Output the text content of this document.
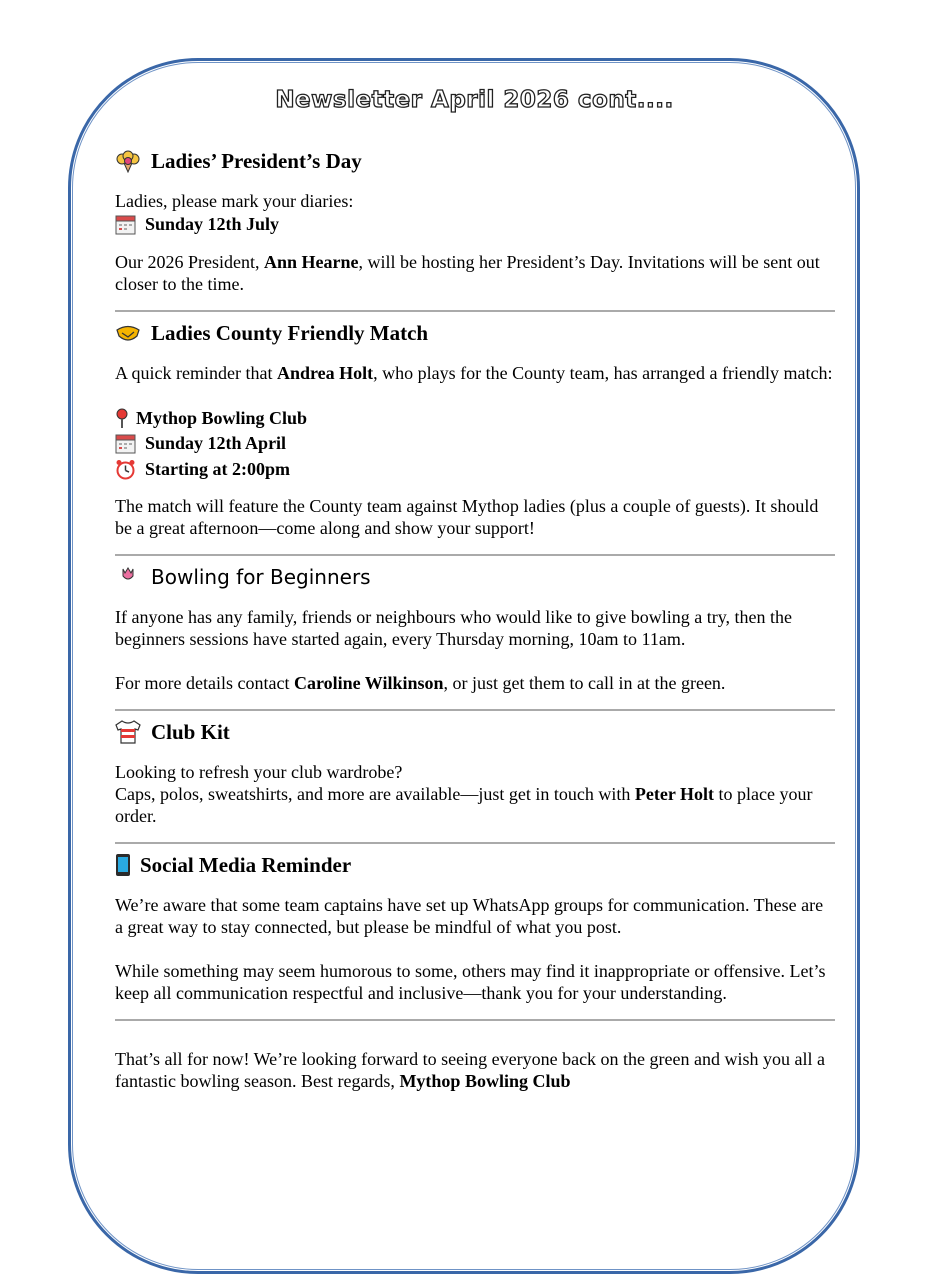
Newsletter April 2026 cont....
Ladies’ President’s Day

Ladies, please mark your diaries:

Sunday 12th July

Our 2026 President, Ann Hearne, will be hosting her President’s Day. Invitations will be sent out closer to the time.

Ladies County Friendly Match

A quick reminder that Andrea Holt, who plays for the County team, has arranged a friendly match:

Mythop Bowling Club
Sunday 12th April
Starting at 2:00pm

The match will feature the County team against Mythop ladies (plus a couple of guests). It should be a great afternoon—come along and show your support!

Bowling for Beginners

If anyone has any family, friends or neighbours who would like to give bowling a try, then the beginners sessions have started again, every Thursday morning, 10am to 11am.

For more details contact Caroline Wilkinson, or just get them to call in at the green.

Club Kit

Looking to refresh your club wardrobe?

Caps, polos, sweatshirts, and more are available—just get in touch with Peter Holt to place your order.

Social Media Reminder

We’re aware that some team captains have set up WhatsApp groups for communication. These are a great way to stay connected, but please be mindful of what you post.

While something may seem humorous to some, others may find it inappropriate or offensive. Let’s keep all communication respectful and inclusive—thank you for your understanding.

That’s all for now! We’re looking forward to seeing everyone back on the green and wish you all a fantastic bowling season. Best regards, Mythop Bowling Club
